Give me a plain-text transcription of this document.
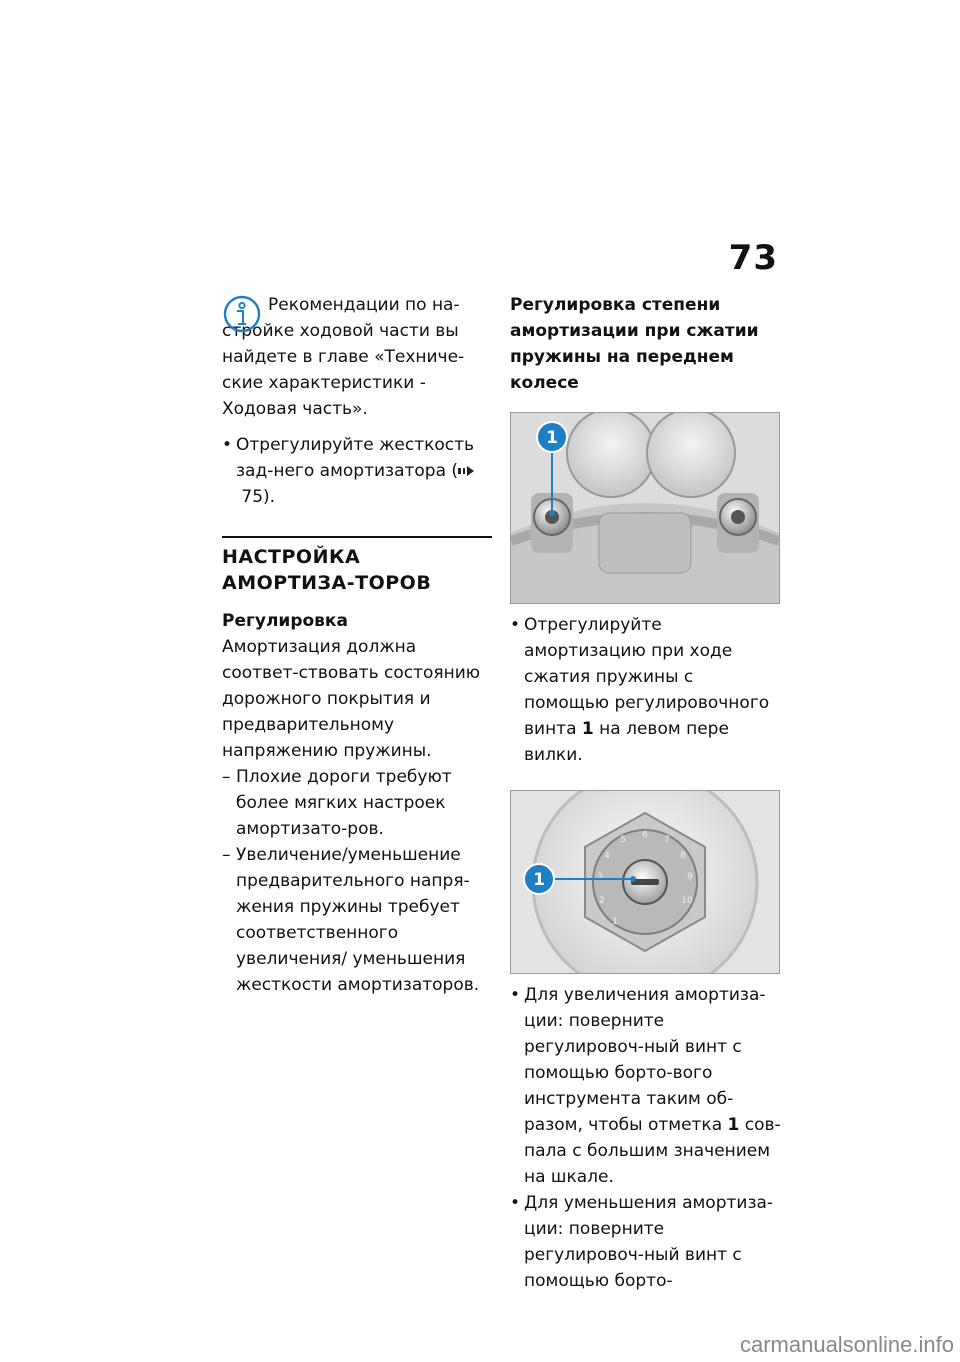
73

Рекомендации по на-стройке ходовой части вы найдете в главе «Техниче-ские характеристики - Ходовая часть».

• Отрегулируйте жесткость зад-него амортизатора ( 75).
НАСТРОЙКА АМОРТИЗА-ТОРОВ
Регулировка

Амортизация должна соответ-ствовать состоянию дорожного покрытия и предварительному напряжению пружины.

– Плохие дороги требуют более мягких настроек амортизато-ров.
– Увеличение/уменьшение предварительного напря-жения пружины требует соответственного увеличения/ уменьшения жесткости амортизаторов.
Регулировка степени амортизации при сжатии пружины на переднем колесе
1
• Отрегулируйте амортизацию при ходе сжатия пружины с помощью регулировочного винта 1 на левом пере вилки.
1
2
3
4
5 6 7
8
9
10
1
• Для увеличения амортиза-ции: поверните регулировоч-ный винт с помощью борто-вого инструмента таким об-разом, чтобы отметка 1 сов-пала с большим значением на шкале.
• Для уменьшения амортиза-ции: поверните регулировоч-ный винт с помощью борто-
carmanualsonline.info
